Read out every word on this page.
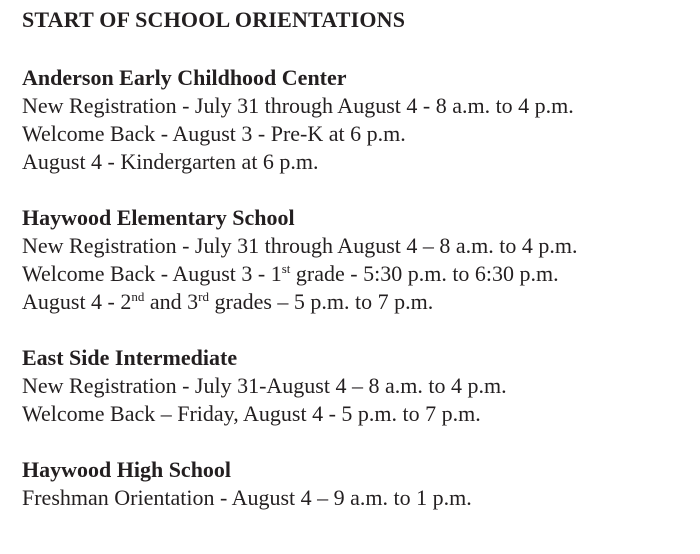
START OF SCHOOL ORIENTATIONS
Anderson Early Childhood Center
New Registration - July 31 through August 4 - 8 a.m. to 4 p.m.
Welcome Back - August 3 - Pre-K at 6 p.m.
August 4 - Kindergarten at 6 p.m.
Haywood Elementary School
New Registration - July 31 through August 4 – 8 a.m. to 4 p.m.
Welcome Back - August 3 - 1st grade - 5:30 p.m. to 6:30 p.m.
August 4 - 2nd and 3rd grades – 5 p.m. to 7 p.m.
East Side Intermediate
New Registration - July 31-August 4 – 8 a.m. to 4 p.m.
Welcome Back – Friday, August 4 - 5 p.m. to 7 p.m.
Haywood High School
Freshman Orientation - August 4 – 9 a.m. to 1 p.m.
